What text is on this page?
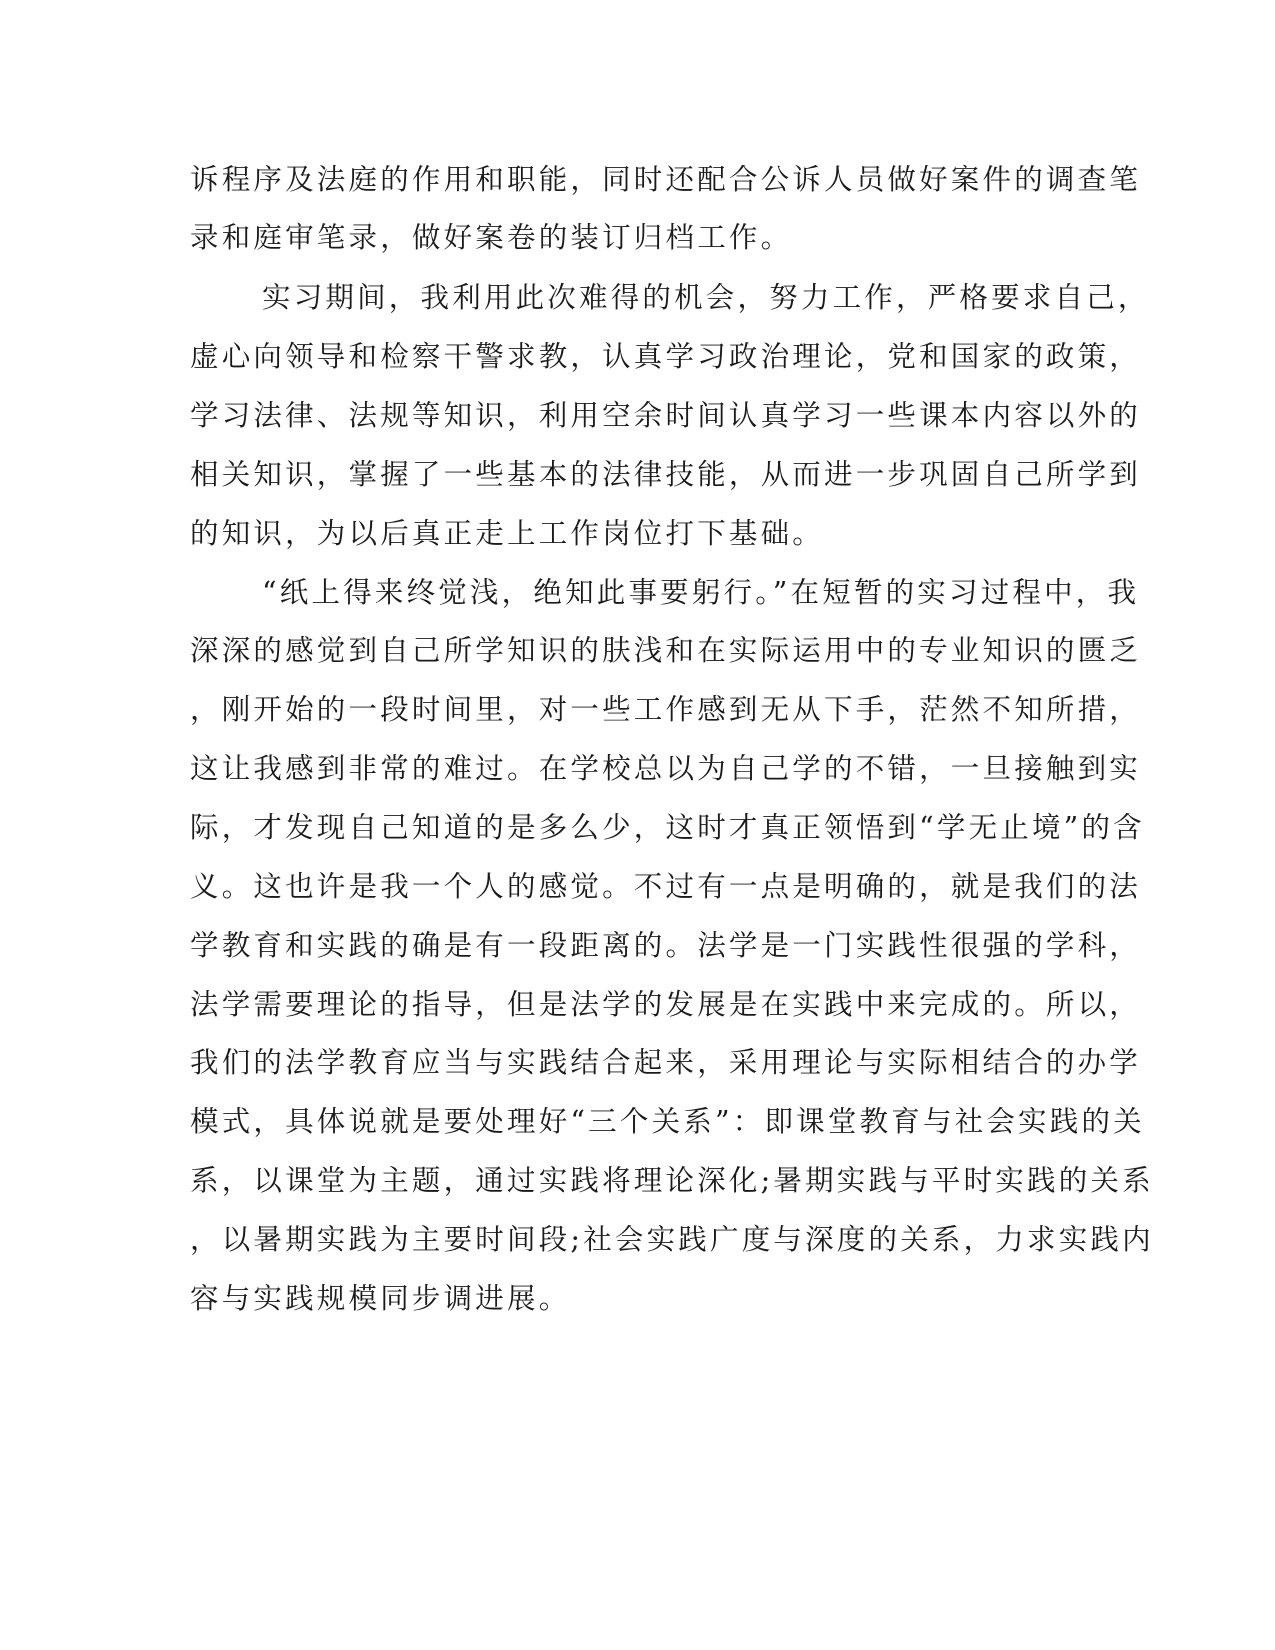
诉程序及法庭的作用和职能，同时还配合公诉人员做好案件的调查笔
录和庭审笔录，做好案卷的装订归档工作。
实习期间，我利用此次难得的机会，努力工作，严格要求自己，
虚心向领导和检察干警求教，认真学习政治理论，党和国家的政策，
学习法律、法规等知识，利用空余时间认真学习一些课本内容以外的
相关知识，掌握了一些基本的法律技能，从而进一步巩固自己所学到
的知识，为以后真正走上工作岗位打下基础。
“纸上得来终觉浅，绝知此事要躬行。”在短暂的实习过程中，我
深深的感觉到自己所学知识的肤浅和在实际运用中的专业知识的匮乏
，刚开始的一段时间里，对一些工作感到无从下手，茫然不知所措，
这让我感到非常的难过。在学校总以为自己学的不错，一旦接触到实
际，才发现自己知道的是多么少，这时才真正领悟到“学无止境”的含
义。这也许是我一个人的感觉。不过有一点是明确的，就是我们的法
学教育和实践的确是有一段距离的。法学是一门实践性很强的学科，
法学需要理论的指导，但是法学的发展是在实践中来完成的。所以，
我们的法学教育应当与实践结合起来，采用理论与实际相结合的办学
模式，具体说就是要处理好“三个关系”：即课堂教育与社会实践的关
系，以课堂为主题，通过实践将理论深化;暑期实践与平时实践的关系
，以暑期实践为主要时间段;社会实践广度与深度的关系，力求实践内
容与实践规模同步调进展。
